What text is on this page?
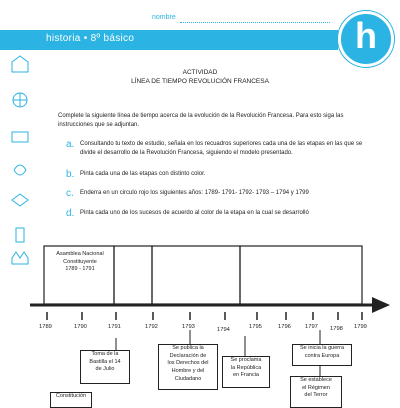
historia • 8º básico	h
nombre
curso	fecha
ACTIVIDAD
LÍNEA DE TIEMPO REVOLUCIÓN FRANCESA
Complete la siguiente línea de tiempo acerca de la evolución de la Revolución Francesa. Para esto siga las instrucciones que se adjuntan.
a. Consultando tu texto de estudio, señala en los recuadros superiores cada una de las etapas en las que se divide el desarrollo de la Revolución Francesa, siguiendo el modelo presentado.
b. Pinta cada una de las etapas con distinto color.
c. Enderra en un circulo rojo los siguientes años: 1789- 1791- 1792- 1793 – 1794 y 1799
d. Pinta cada uno de los sucesos de acuerdo al color de la etapa en la cual se desarrolló
Asamblea Nacional
Constituyente
1789 - 1791
1789	1790	1791	1792	1793	1794	1795	1796 1797 1798 1799
Toma de la
Bastilla el 14
de Julio
Se publica la
Declaración de
los Derechos del
Hombre y del
Ciudadano
Se proclama
la República
en Francia
Se inicia la guerra
contra Europa
Se establece
el Régimen
del Terror
Constitución
